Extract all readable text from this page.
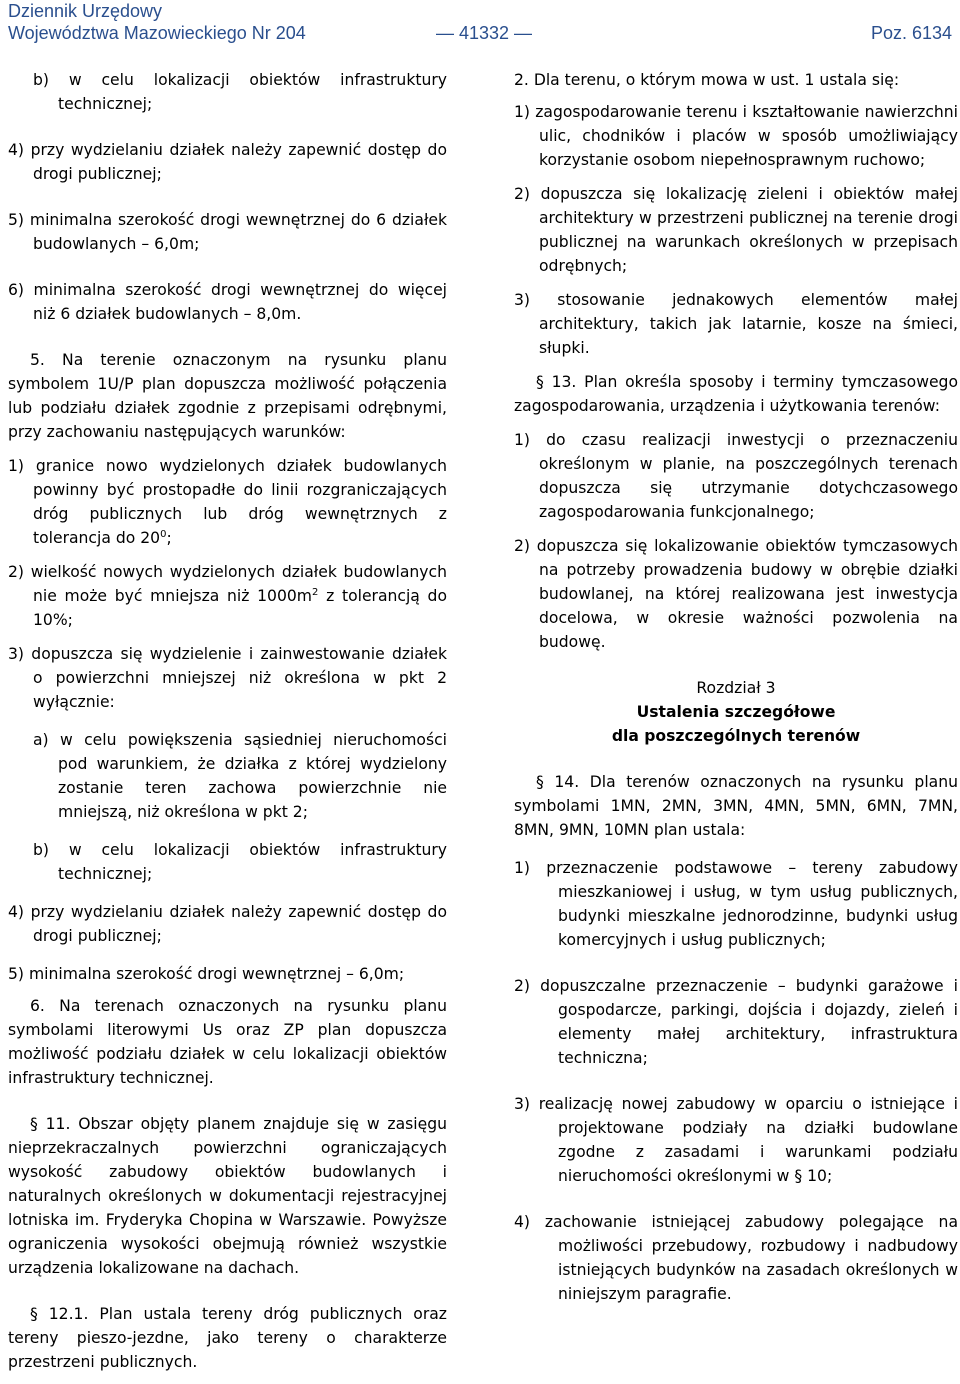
Dziennik Urzędowy
Województwa Mazowieckiego Nr 204	— 41332 —	Poz. 6134

b) w celu lokalizacji obiektów infrastruktury technicznej;

4) przy wydzielaniu działek należy zapewnić dostęp do drogi publicznej;

5) minimalna szerokość drogi wewnętrznej do 6 działek budowlanych – 6,0m;

6) minimalna szerokość drogi wewnętrznej do więcej niż 6 działek budowlanych – 8,0m.

5. Na terenie oznaczonym na rysunku planu symbolem 1U/P plan dopuszcza możliwość połączenia lub podziału działek zgodnie z przepisami odrębnymi, przy zachowaniu następujących warunków:

1) granice nowo wydzielonych działek budowlanych powinny być prostopadłe do linii rozgraniczających dróg publicznych lub dróg wewnętrznych z tolerancja do $20^0$;

2) wielkość nowych wydzielonych działek budowlanych nie może być mniejsza niż $1000m^2$ z tolerancją do 10%;

3) dopuszcza się wydzielenie i zainwestowanie działek o powierzchni mniejszej niż określona w pkt 2 wyłącznie:

a) w celu powiększenia sąsiedniej nieruchomości pod warunkiem, że działka z której wydzielony zostanie teren zachowa powierzchnie nie mniejszą, niż określona w pkt 2;

b) w celu lokalizacji obiektów infrastruktury technicznej;

4) przy wydzielaniu działek należy zapewnić dostęp do drogi publicznej;

5) minimalna szerokość drogi wewnętrznej – 6,0m;

6. Na terenach oznaczonych na rysunku planu symbolami literowymi Us oraz ZP plan dopuszcza możliwość podziału działek w celu lokalizacji obiektów infrastruktury technicznej.

§ 11. Obszar objęty planem znajduje się w zasięgu nieprzekraczalnych powierzchni ograniczających wysokość zabudowy obiektów budowlanych i naturalnych określonych w dokumentacji rejestracyjnej lotniska im. Fryderyka Chopina w Warszawie. Powyższe ograniczenia wysokości obejmują również wszystkie urządzenia lokalizowane na dachach.

§ 12.1. Plan ustala tereny dróg publicznych oraz tereny pieszo-jezdne, jako tereny o charakterze przestrzeni publicznych.

2. Dla terenu, o którym mowa w ust. 1 ustala się:

1) zagospodarowanie terenu i kształtowanie nawierzchni ulic, chodników i placów w sposób umożliwiający korzystanie osobom niepełnosprawnym ruchowo;

2) dopuszcza się lokalizację zieleni i obiektów małej architektury w przestrzeni publicznej na terenie drogi publicznej na warunkach określonych w przepisach odrębnych;

3) stosowanie jednakowych elementów małej architektury, takich jak latarnie, kosze na śmieci, słupki.

§ 13. Plan określa sposoby i terminy tymczasowego zagospodarowania, urządzenia i użytkowania terenów:

1) do czasu realizacji inwestycji o przeznaczeniu określonym w planie, na poszczególnych terenach dopuszcza się utrzymanie dotychczasowego zagospodarowania funkcjonalnego;

2) dopuszcza się lokalizowanie obiektów tymczasowych na potrzeby prowadzenia budowy w obrębie działki budowlanej, na której realizowana jest inwestycja docelowa, w okresie ważności pozwolenia na budowę.

Rozdział 3

Ustalenia szczegółowe

dla poszczególnych terenów

§ 14. Dla terenów oznaczonych na rysunku planu symbolami 1MN, 2MN, 3MN, 4MN, 5MN, 6MN, 7MN, 8MN, 9MN, 10MN plan ustala:

1) przeznaczenie podstawowe – tereny zabudowy mieszkaniowej i usług, w tym usług publicznych, budynki mieszkalne jednorodzinne, budynki usług komercyjnych i usług publicznych;

2) dopuszczalne przeznaczenie – budynki garażowe i gospodarcze, parkingi, dojścia i dojazdy, zieleń i elementy małej architektury, infrastruktura techniczna;

3) realizację nowej zabudowy w oparciu o istniejące i projektowane podziały na działki budowlane zgodne z zasadami i warunkami podziału nieruchomości określonymi w § 10;

4) zachowanie istniejącej zabudowy polegające na możliwości przebudowy, rozbudowy i nadbudowy istniejących budynków na zasadach określonych w niniejszym paragrafie.
